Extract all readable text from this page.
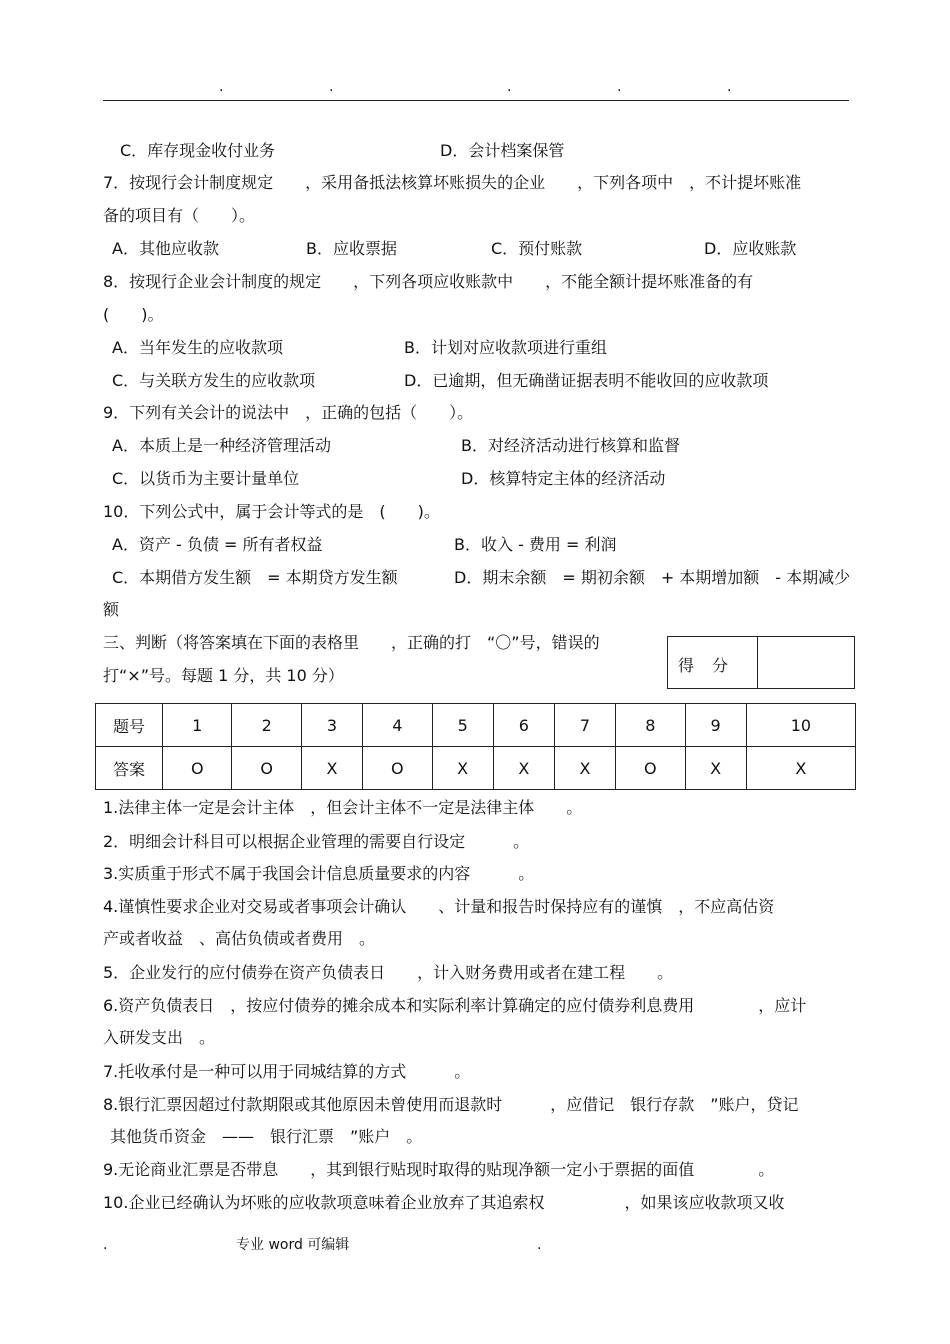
.	.	.	.	.
C．库存现金收付业务	D．会计档案保管
7．按现行会计制度规定　　，采用备抵法核算坏账损失的企业　　，下列各项中　，不计提坏账准
备的项目有（　　）。
A．其他应收款	B．应收票据	C．预付账款	D．应收账款
8．按现行企业会计制度的规定　　，下列各项应收账款中　　，不能全额计提坏账准备的有
(　　)。
A．当年发生的应收款项	B．计划对应收款项进行重组
C．与关联方发生的应收款项	D．已逾期，但无确凿证据表明不能收回的应收款项
9．下列有关会计的说法中　，正确的包括（　　）。
A．本质上是一种经济管理活动	B．对经济活动进行核算和监督
C．以货币为主要计量单位	D．核算特定主体的经济活动
10．下列公式中，属于会计等式的是　(　　)。
A．资产 - 负债 = 所有者权益	B．收入 - 费用 = 利润
C．本期借方发生额　= 本期贷方发生额	D．期末余额　= 期初余额　+ 本期增加额　- 本期减少
额
三、判断（将答案填在下面的表格里　　，正确的打　“〇”号，错误的
打“×”号。每题 1 分，共 10 分）
得分
题号	1	2	3	4	5	6	7	8	9	10
答案	O	O	X	O	X	X	X	O	X	X
1.法律主体一定是会计主体　，但会计主体不一定是法律主体　　。
2．明细会计科目可以根据企业管理的需要自行设定　　　。
3.实质重于形式不属于我国会计信息质量要求的内容　　　。
4.谨慎性要求企业对交易或者事项会计确认　　、计量和报告时保持应有的谨慎　，不应高估资
产或者收益　、高估负债或者费用　。
5．企业发行的应付债券在资产负债表日　　，计入财务费用或者在建工程　　。
6.资产负债表日　，按应付债券的摊余成本和实际利率计算确定的应付债券利息费用　　　　，应计
入研发支出　。
7.托收承付是一种可以用于同城结算的方式　　　。
8.银行汇票因超过付款期限或其他原因未曾使用而退款时　　　，应借记　银行存款　”账户，贷记
其他货币资金　——　银行汇票　”账户　。
9.无论商业汇票是否带息　　，其到银行贴现时取得的贴现净额一定小于票据的面值　　　　。
10.企业已经确认为坏账的应收款项意味着企业放弃了其追索权　　　　　，如果该应收款项又收
.	专业 word 可编辑	.
